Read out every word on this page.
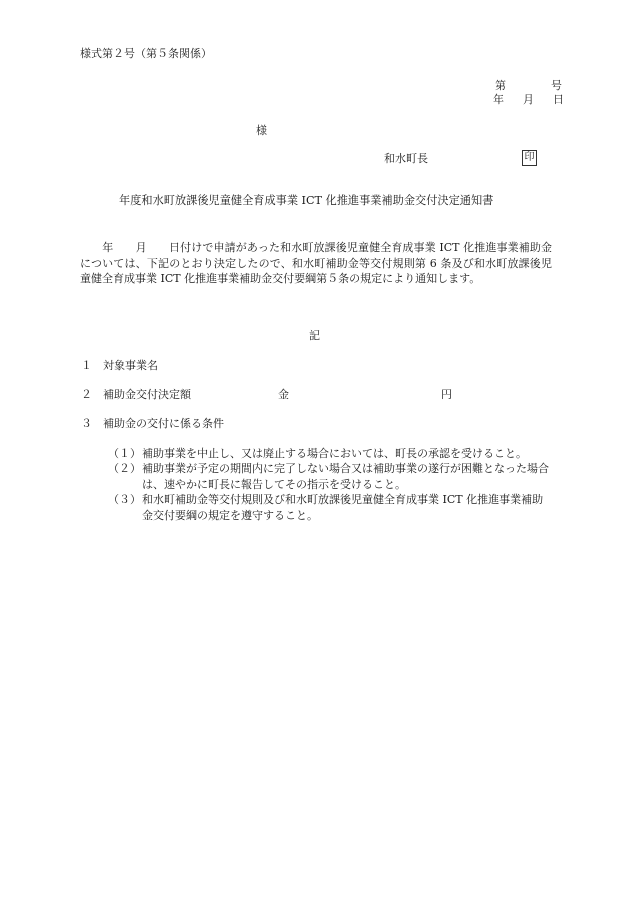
様式第２号（第５条関係）
第	号
年 月 日
様
和水町長	印
年度和水町放課後児童健全育成事業 ICT 化推進事業補助金交付決定通知書
　　年　　月　　日付けで申請があった和水町放課後児童健全育成事業 ICT 化推進事業補助金については、下記のとおり決定したので、和水町補助金等交付規則第 6 条及び和水町放課後児童健全育成事業 ICT 化推進事業補助金交付要綱第５条の規定により通知します。
記
１ 対象事業名
２ 補助金交付決定額	金	円
３ 補助金の交付に係る条件
（１） 補助事業を中止し、又は廃止する場合においては、町長の承認を受けること。
（２） 補助事業が予定の期間内に完了しない場合又は補助事業の遂行が困難となった場合は、速やかに町長に報告してその指示を受けること。
（３） 和水町補助金等交付規則及び和水町放課後児童健全育成事業 ICT 化推進事業補助金交付要綱の規定を遵守すること。
